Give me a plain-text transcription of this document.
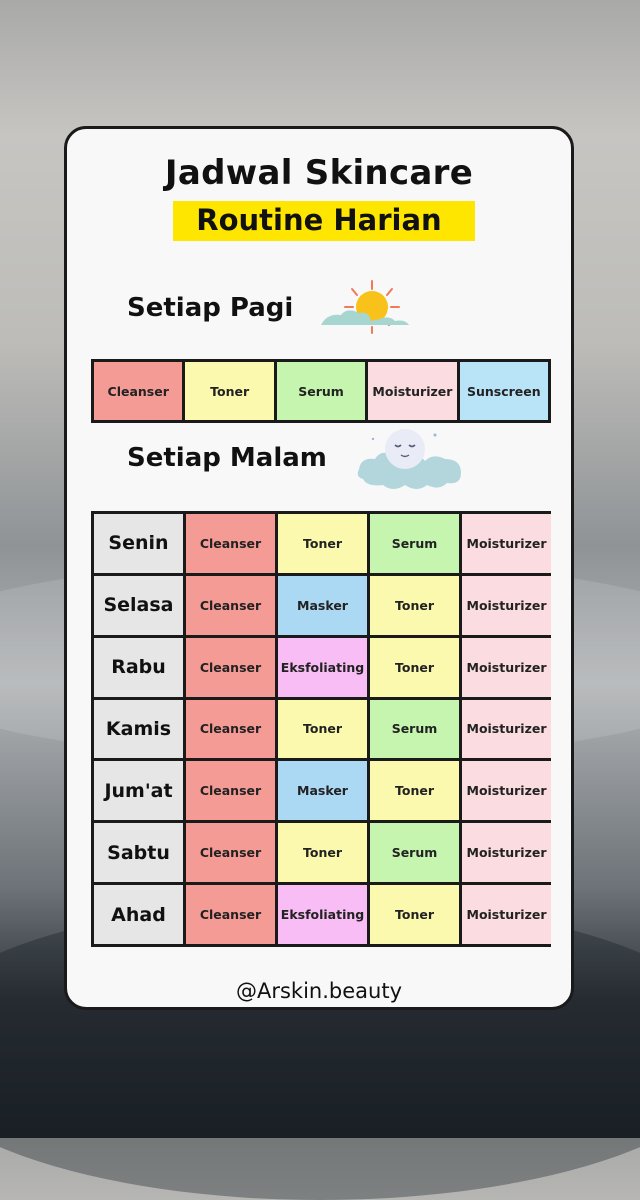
Jadwal Skincare
Routine Harian
Setiap Pagi
Cleanser	Toner	Serum	Moisturizer	Sunscreen
Setiap Malam
Senin	Cleanser	Toner	Serum	Moisturizer
Selasa	Cleanser	Masker	Toner	Moisturizer
Rabu	Cleanser	Eksfoliating	Toner	Moisturizer
Kamis	Cleanser	Toner	Serum	Moisturizer
Jum'at	Cleanser	Masker	Toner	Moisturizer
Sabtu	Cleanser	Toner	Serum	Moisturizer
Ahad	Cleanser	Eksfoliating	Toner	Moisturizer
@Arskin.beauty
